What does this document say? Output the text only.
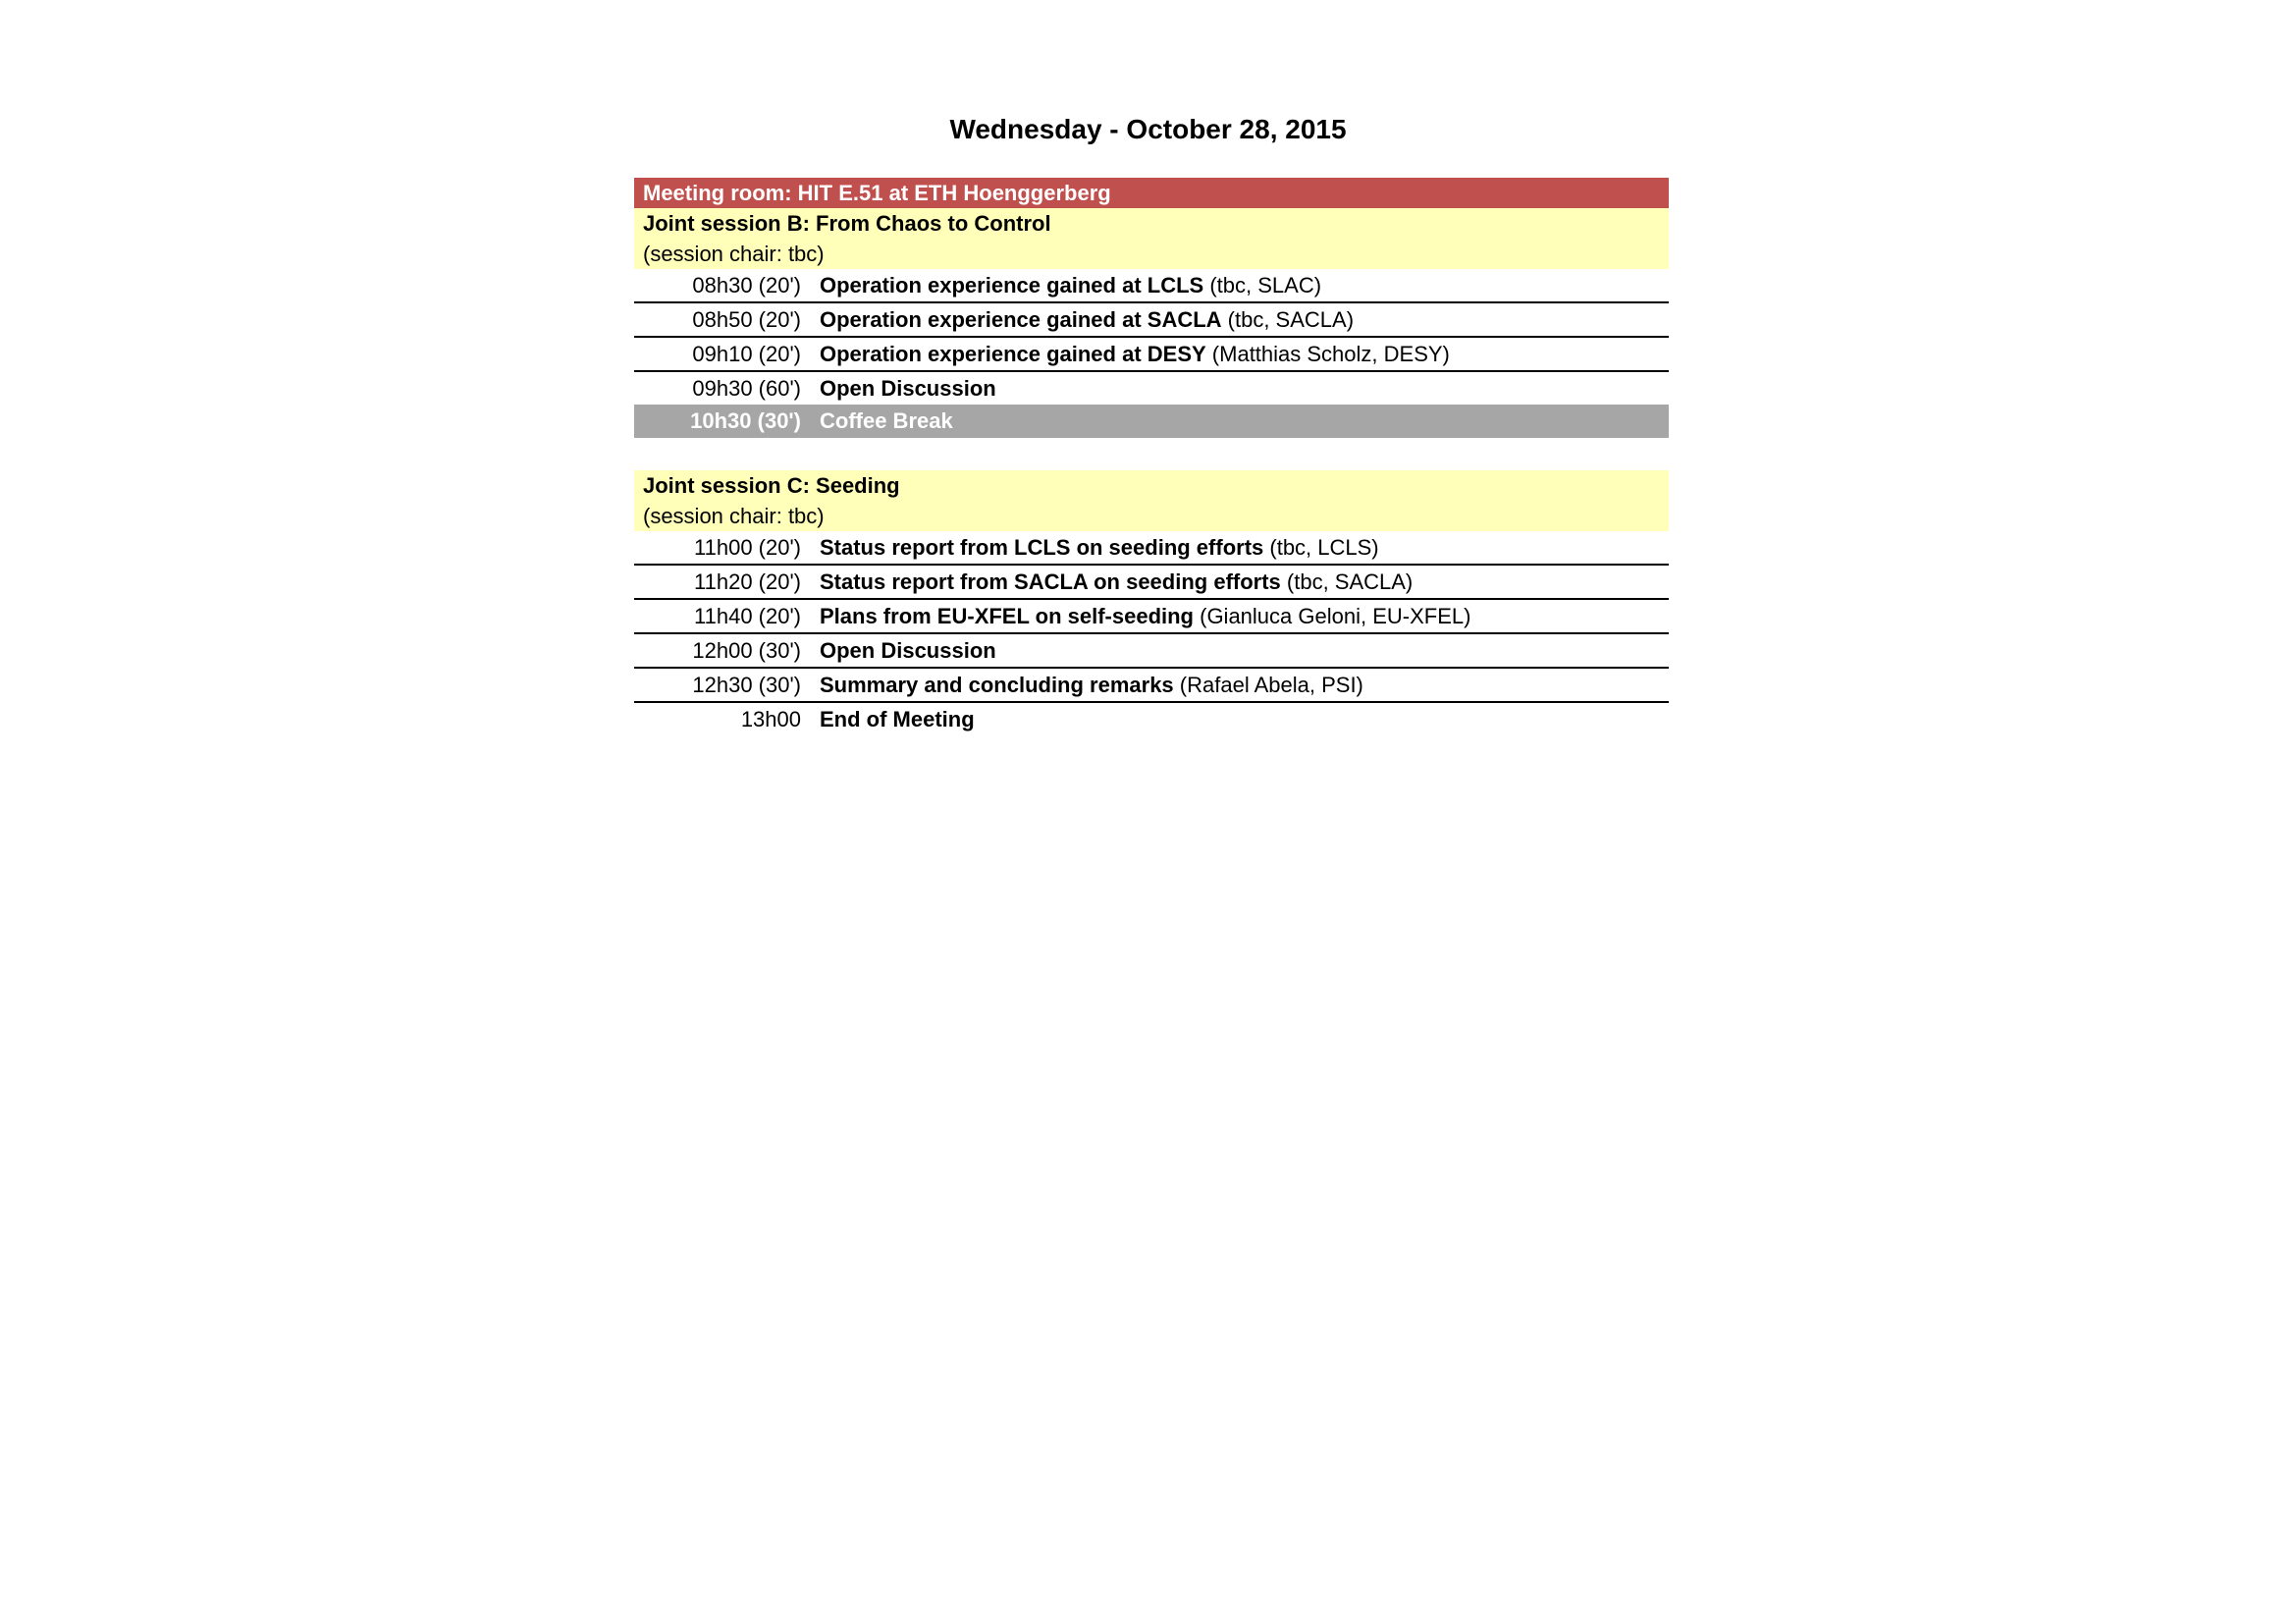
Wednesday - October 28, 2015
Meeting room: HIT E.51 at ETH Hoenggerberg
Joint session B: From Chaos to Control
(session chair: tbc)
08h30 (20') Operation experience gained at LCLS (tbc, SLAC)
08h50 (20') Operation experience gained at SACLA (tbc, SACLA)
09h10 (20') Operation experience gained at DESY (Matthias Scholz, DESY)
09h30 (60') Open Discussion
10h30 (30') Coffee Break
Joint session C: Seeding
(session chair: tbc)
11h00 (20') Status report from LCLS on seeding efforts (tbc, LCLS)
11h20 (20') Status report from SACLA on seeding efforts (tbc, SACLA)
11h40 (20') Plans from EU-XFEL on self-seeding (Gianluca Geloni, EU-XFEL)
12h00 (30') Open Discussion
12h30 (30') Summary and concluding remarks (Rafael Abela, PSI)
13h00 End of Meeting
